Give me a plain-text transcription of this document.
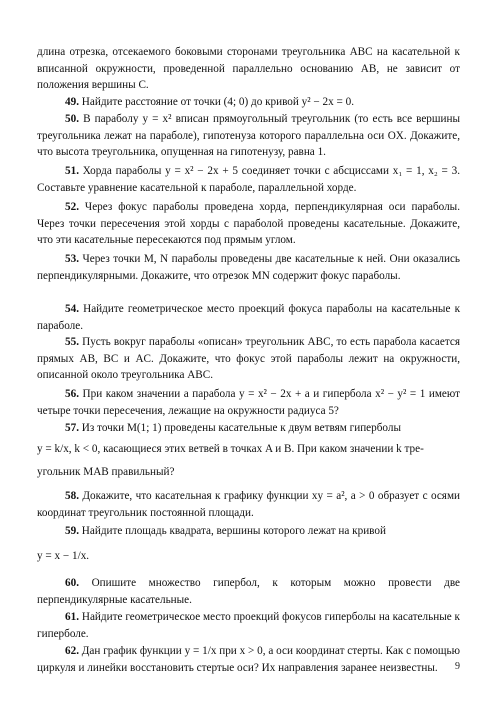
длина отрезка, отсекаемого боковыми сторонами треугольника ABC на касательной к вписанной окружности, проведенной параллельно основанию AB, не зависит от положения вершины C.
49. Найдите расстояние от точки (4; 0) до кривой y² − 2x = 0.
50. В параболу y = x² вписан прямоугольный треугольник (то есть все вершины треугольника лежат на параболе), гипотенуза которого параллельна оси OX. Докажите, что высота треугольника, опущенная на гипотенузу, равна 1.
51. Хорда параболы y = x² − 2x + 5 соединяет точки с абсциссами x₁ = 1, x₂ = 3. Составьте уравнение касательной к параболе, параллельной хорде.
52. Через фокус параболы проведена хорда, перпендикулярная оси параболы. Через точки пересечения этой хорды с параболой проведены касательные. Докажите, что эти касательные пересекаются под прямым углом.
53. Через точки M, N параболы проведены две касательные к ней. Они оказались перпендикулярными. Докажите, что отрезок MN содержит фокус параболы.
54. Найдите геометрическое место проекций фокуса параболы на касательные к параболе.
55. Пусть вокруг параболы «описан» треугольник ABC, то есть парабола касается прямых AB, BC и AC. Докажите, что фокус этой параболы лежит на окружности, описанной около треугольника ABC.
56. При каком значении a парабола y = x² − 2x + a и гипербола x² − y² = 1 имеют четыре точки пересечения, лежащие на окружности радиуса 5?
57. Из точки M(1; 1) проведены касательные к двум ветвям гиперболы
y = k/x, k < 0, касающиеся этих ветвей в точках A и B. При каком значении k тре-
угольник MAB правильный?
58. Докажите, что касательная к графику функции xy = a², a > 0 образует с осями координат треугольник постоянной площади.
59. Найдите площадь квадрата, вершины которого лежат на кривой
y = x − 1/x.
60. Опишите множество гипербол, к которым можно провести две перпендикулярные касательные.
61. Найдите геометрическое место проекций фокусов гиперболы на касательные к гиперболе.
62. Дан график функции y = 1/x при x > 0, а оси координат стерты. Как с помощью циркуля и линейки восстановить стертые оси? Их направления заранее неизвестны.	9
